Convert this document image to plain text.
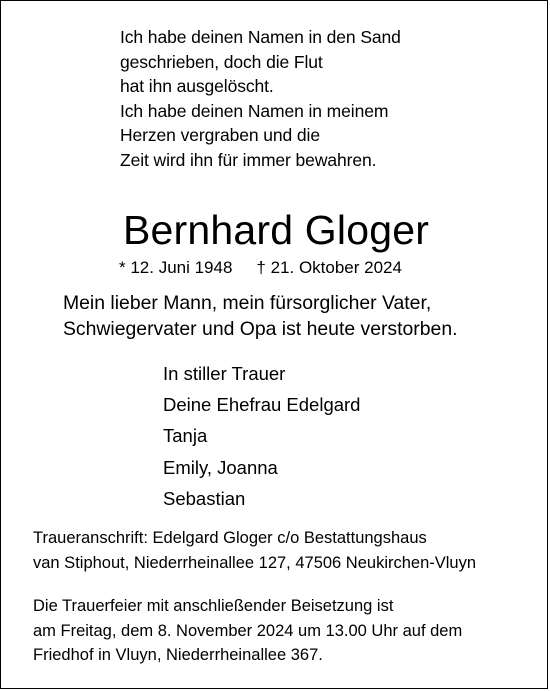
Ich habe deinen Namen in den Sand
geschrieben, doch die Flut
hat ihn ausgelöscht.
Ich habe deinen Namen in meinem
Herzen vergraben und die
Zeit wird ihn für immer bewahren.
Bernhard Gloger
* 12. Juni 1948 † 21. Oktober 2024
Mein lieber Mann, mein fürsorglicher Vater,
Schwiegervater und Opa ist heute verstorben.
In stiller Trauer
Deine Ehefrau Edelgard
Tanja
Emily, Joanna
Sebastian
Traueranschrift: Edelgard Gloger c/o Bestattungshaus
van Stiphout, Niederrheinallee 127, 47506 Neukirchen-Vluyn
Die Trauerfeier mit anschließender Beisetzung ist
am Freitag, dem 8. November 2024 um 13.00 Uhr auf dem
Friedhof in Vluyn, Niederrheinallee 367.
